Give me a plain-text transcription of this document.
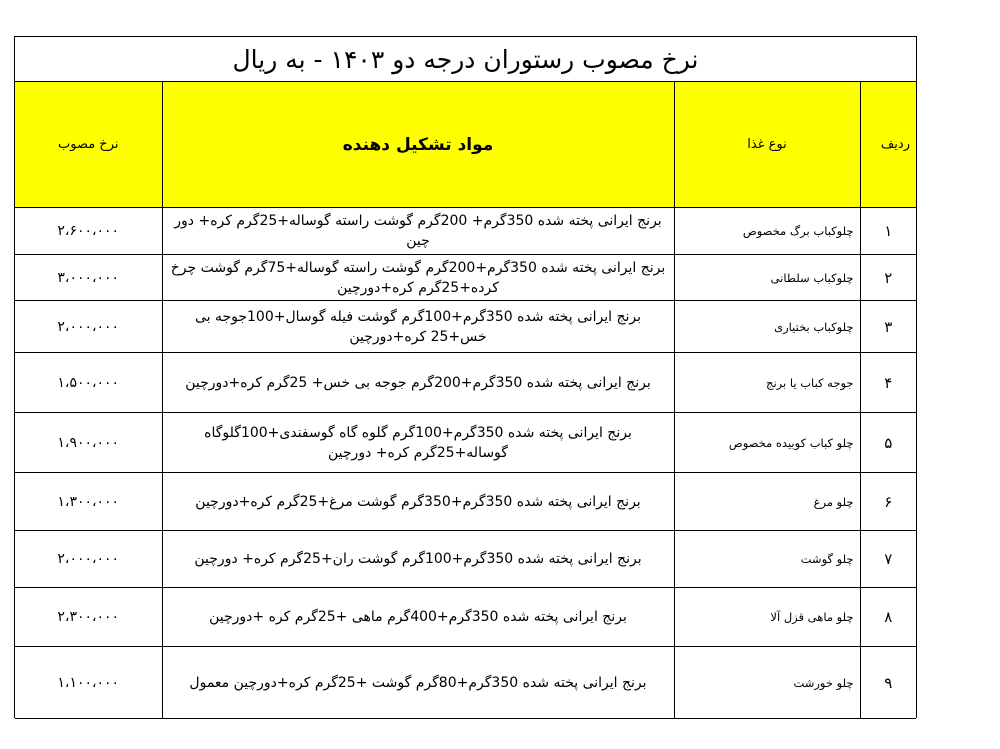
نرخ مصوب رستوران درجه دو ۱۴۰۳ - به ریال
ردیف	نوع غذا	مواد تشکیل دهنده	نرخ مصوب
۱	چلوکباب برگ مخصوص	برنج ایرانی پخته شده 350گرم+ 200گرم گوشت راسته گوساله+25گرم کره+ دور چین	۲،۶۰۰،۰۰۰
۲	چلوکباب سلطانی	برنج ایرانی پخته شده 350گرم+200گرم گوشت راسته گوساله+75گرم گوشت چرخ کرده+25گرم کره+دورچین	۳،۰۰۰،۰۰۰
۳	چلوکباب بختیاری	برنج ایرانی پخته شده 350گرم+100گرم گوشت فیله گوسال+100جوجه بی خس+25 کره+دورچین	۲،۰۰۰،۰۰۰
۴	جوجه کباب یا برنج	برنج ایرانی پخته شده 350گرم+200گرم جوجه بی خس+ 25گرم کره+دورچین	۱،۵۰۰،۰۰۰
۵	چلو کباب کوبیده مخصوص	برنج ایرانی پخته شده 350گرم+100گرم گلوه گاه گوسفندی+100گلوگاه گوساله+25گرم کره+ دورچین	۱،۹۰۰،۰۰۰
۶	چلو مرغ	برنج ایرانی پخته شده 350گرم+350گرم گوشت مرغ+25گرم کره+دورچین	۱،۳۰۰،۰۰۰
۷	چلو گوشت	برنج ایرانی پخته شده 350گرم+100گرم گوشت ران+25گرم کره+ دورچین	۲،۰۰۰،۰۰۰
۸	چلو ماهی قزل آلا	برنج ایرانی پخته شده 350گرم+400گرم ماهی +25گرم کره +دورچین	۲،۳۰۰،۰۰۰
۹	چلو خورشت	برنج ایرانی پخته شده 350گرم+80گرم گوشت +25گرم کره+دورچین معمول	۱،۱۰۰،۰۰۰
